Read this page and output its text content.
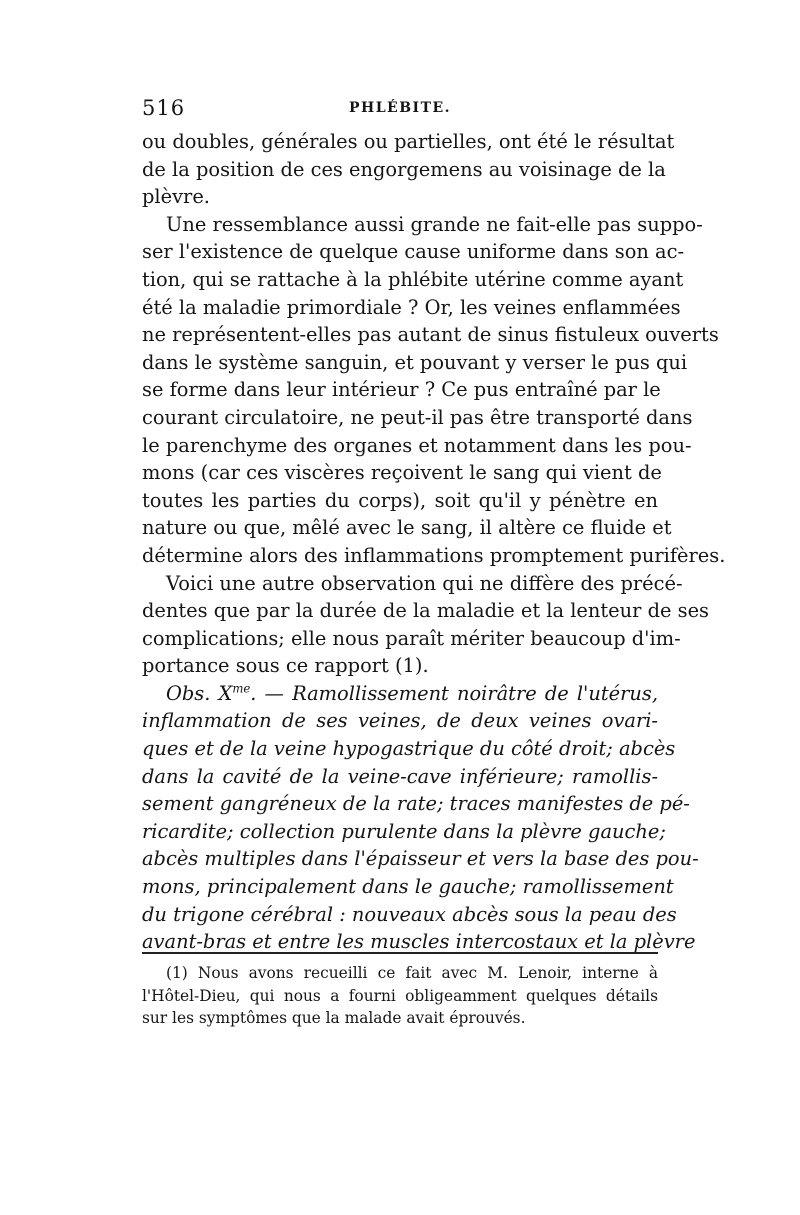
516	PHLÉBITE.
ou doubles, générales ou partielles, ont été le résultat
de la position de ces engorgemens au voisinage de la
plèvre.
Une ressemblance aussi grande ne fait-elle pas suppo-
ser l'existence de quelque cause uniforme dans son ac-
tion, qui se rattache à la phlébite utérine comme ayant
été la maladie primordiale ? Or, les veines enflammées
ne représentent-elles pas autant de sinus fistuleux ouverts
dans le système sanguin, et pouvant y verser le pus qui
se forme dans leur intérieur ? Ce pus entraîné par le
courant circulatoire, ne peut-il pas être transporté dans
le parenchyme des organes et notamment dans les pou-
mons (car ces viscères reçoivent le sang qui vient de
toutes les parties du corps), soit qu'il y pénètre en
nature ou que, mêlé avec le sang, il altère ce fluide et
détermine alors des inflammations promptement purifères.
Voici une autre observation qui ne diffère des précé-
dentes que par la durée de la maladie et la lenteur de ses
complications; elle nous paraît mériter beaucoup d'im-
portance sous ce rapport (1).
Obs. $X^{me}$. — Ramollissement noirâtre de l'utérus,
inflammation de ses veines, de deux veines ovari-
ques et de la veine hypogastrique du côté droit; abcès
dans la cavité de la veine-cave inférieure; ramollis-
sement gangréneux de la rate; traces manifestes de pé-
ricardite; collection purulente dans la plèvre gauche;
abcès multiples dans l'épaisseur et vers la base des pou-
mons, principalement dans le gauche; ramollissement
du trigone cérébral : nouveaux abcès sous la peau des
avant-bras et entre les muscles intercostaux et la plèvre
(1) Nous avons recueilli ce fait avec M. Lenoir, interne à
l'Hôtel-Dieu, qui nous a fourni obligeamment quelques détails
sur les symptômes que la malade avait éprouvés.
